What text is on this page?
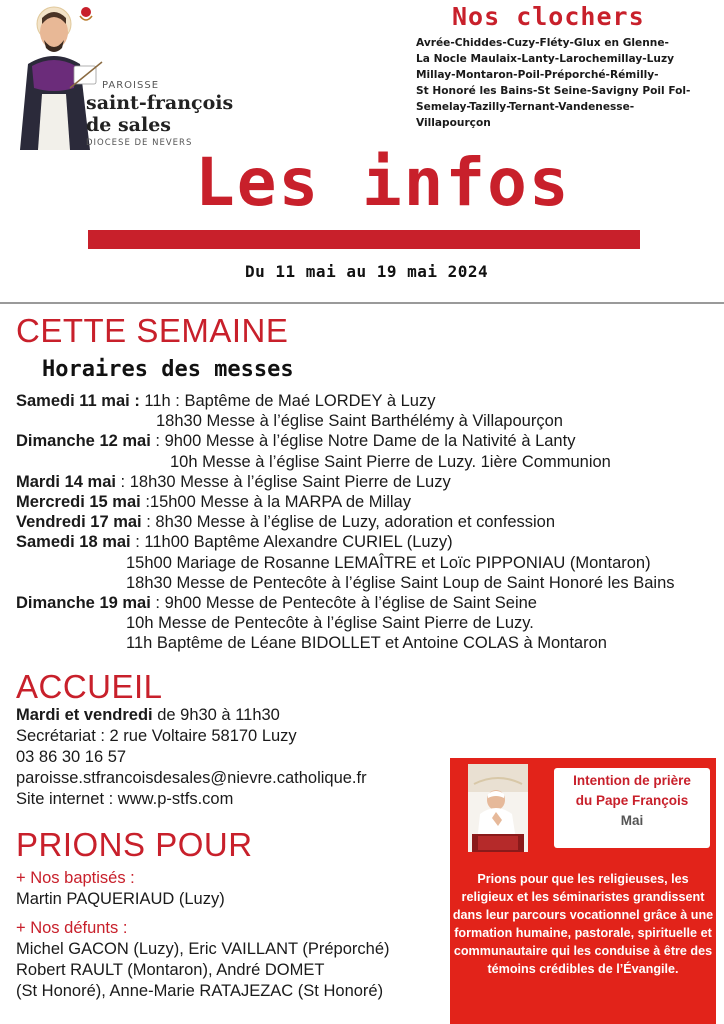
PAROISSE
saint-françois
de sales
DIOCESE DE NEVERS
Nos clochers
Avrée-Chiddes-Cuzy-Fléty-Glux en Glenne-
La Nocle Maulaix-Lanty-Larochemillay-Luzy
Millay-Montaron-Poil-Préporché-Rémilly-
St Honoré les Bains-St Seine-Savigny Poil Fol-
Semelay-Tazilly-Ternant-Vandenesse-
Villapourçon
Les infos
Du 11 mai au 19 mai 2024
CETTE SEMAINE
Horaires des messes
Samedi 11 mai : 11h : Baptême de Maé LORDEY à Luzy
18h30 Messe à l’église Saint Barthélémy à Villapourçon
Dimanche 12 mai : 9h00 Messe à l’église Notre Dame de la Nativité à Lanty
10h Messe à l’église Saint Pierre de Luzy. 1ière Communion
Mardi 14 mai : 18h30 Messe à l’église Saint Pierre de Luzy
Mercredi 15 mai :15h00 Messe à la MARPA de Millay
Vendredi 17 mai : 8h30 Messe à l’église de Luzy, adoration et confession
Samedi 18 mai : 11h00 Baptême Alexandre CURIEL (Luzy)
15h00 Mariage de Rosanne LEMAÎTRE et Loïc PIPPONIAU (Montaron)
18h30 Messe de Pentecôte à l’église Saint Loup de Saint Honoré les Bains
Dimanche 19 mai : 9h00 Messe de Pentecôte à l’église de Saint Seine
10h Messe de Pentecôte à l’église Saint Pierre de Luzy.
11h Baptême de Léane BIDOLLET et Antoine COLAS à Montaron
ACCUEIL
Mardi et vendredi de 9h30 à 11h30
Secrétariat : 2 rue Voltaire 58170 Luzy
03 86 30 16 57
paroisse.stfrancoisdesales@nievre.catholique.fr
Site internet : www.p-stfs.com
PRIONS POUR
+ Nos baptisés :
Martin PAQUERIAUD (Luzy)
+ Nos défunts :
Michel GACON (Luzy), Eric VAILLANT (Préporché)
Robert RAULT (Montaron), André DOMET
(St Honoré), Anne-Marie RATAJEZAC (St Honoré)
Intention de prière
du Pape François
Mai
Prions pour que les religieuses, les religieux et les séminaristes grandissent dans leur parcours vocationnel grâce à une formation humaine, pastorale, spirituelle et communautaire qui les conduise à être des témoins crédibles de l’Évangile.
